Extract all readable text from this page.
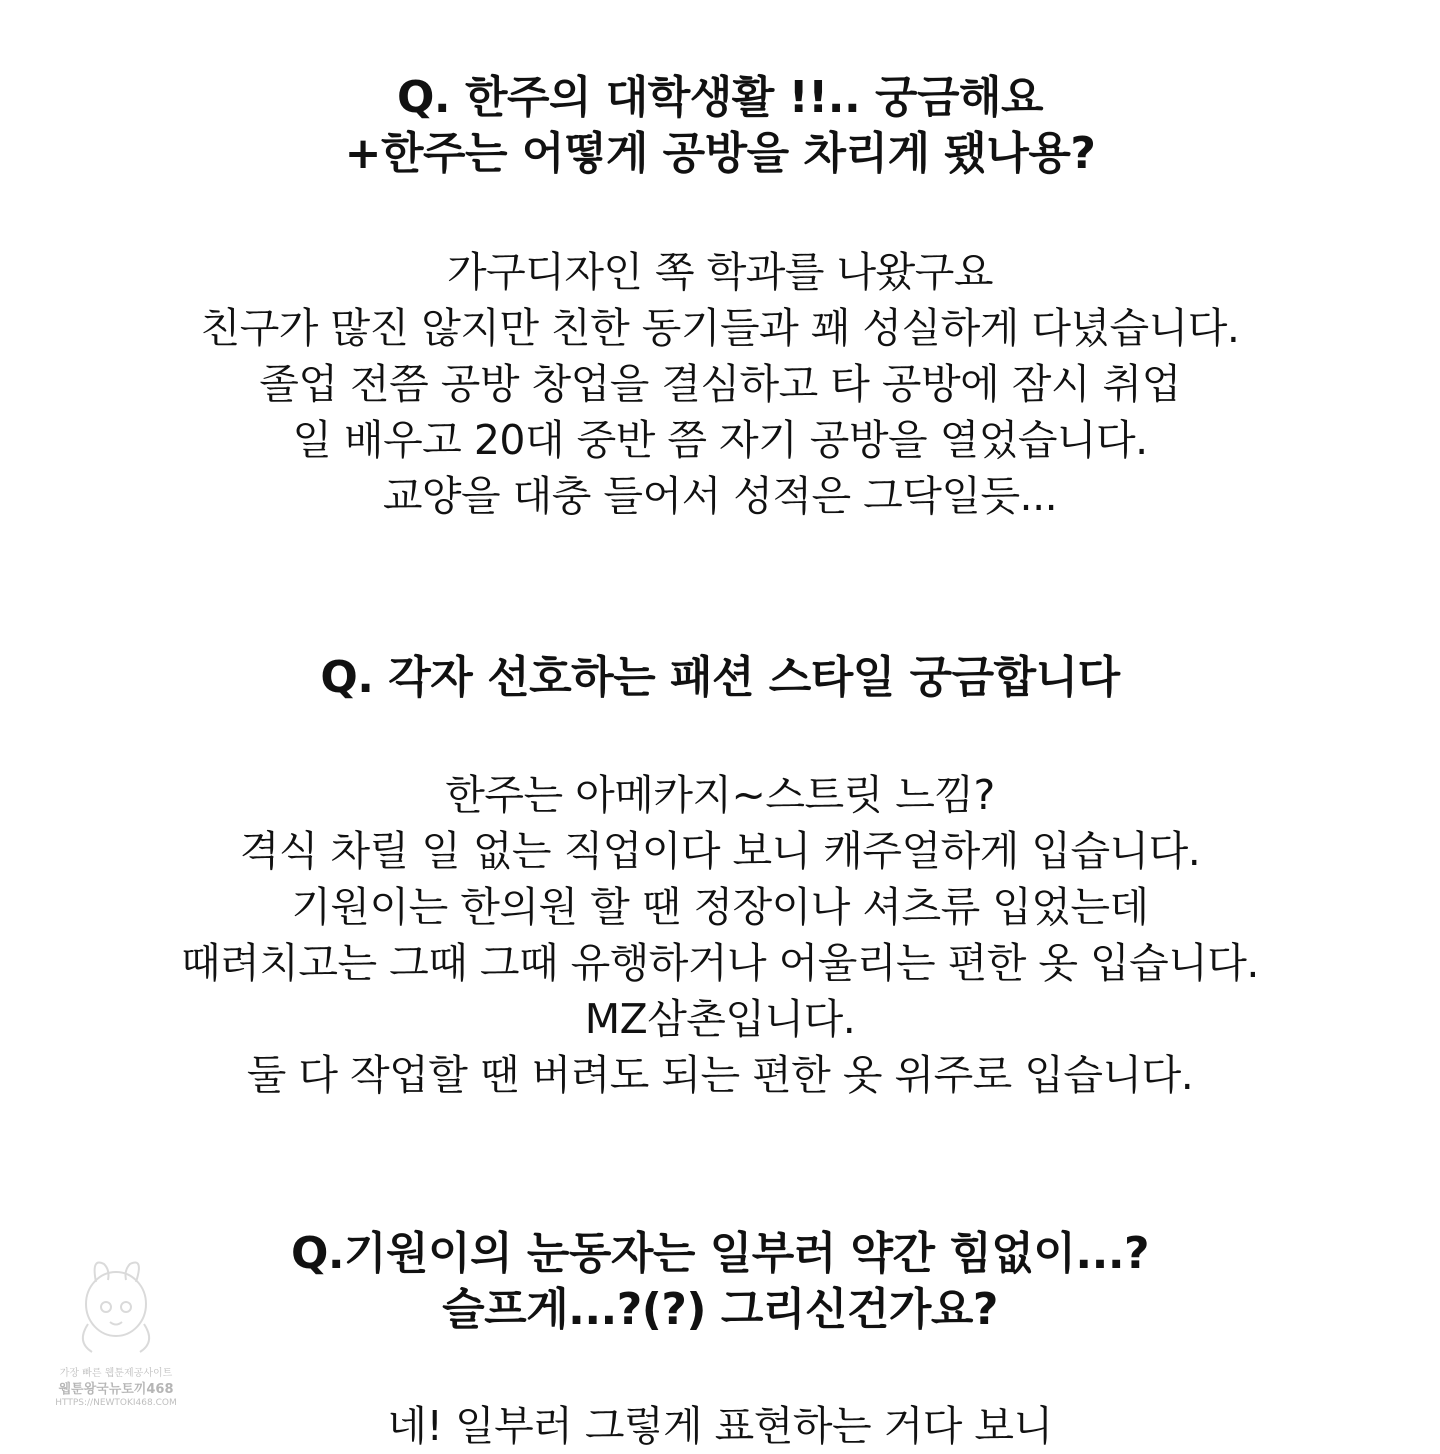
Q. 한주의 대학생활 !!.. 궁금해요
+한주는 어떻게 공방을 차리게 됐나용?
가구디자인 쪽 학과를 나왔구요
친구가 많진 않지만 친한 동기들과 꽤 성실하게 다녔습니다.
졸업 전쯤 공방 창업을 결심하고 타 공방에 잠시 취업
일 배우고 20대 중반 쯤 자기 공방을 열었습니다.
교양을 대충 들어서 성적은 그닥일듯...
Q. 각자 선호하는 패션 스타일 궁금합니다
한주는 아메카지~스트릿 느낌?
격식 차릴 일 없는 직업이다 보니 캐주얼하게 입습니다.
기원이는 한의원 할 땐 정장이나 셔츠류 입었는데
때려치고는 그때 그때 유행하거나 어울리는 편한 옷 입습니다.
MZ삼촌입니다.
둘 다 작업할 땐 버려도 되는 편한 옷 위주로 입습니다.
Q.기원이의 눈동자는 일부러 약간 힘없이...?
슬프게...?(?) 그리신건가요?
네! 일부러 그렇게 표현하는 거다 보니
가장 빠른 웹툰제공사이트
웹툰왕국뉴토끼468
HTTPS://NEWTOKI468.COM
